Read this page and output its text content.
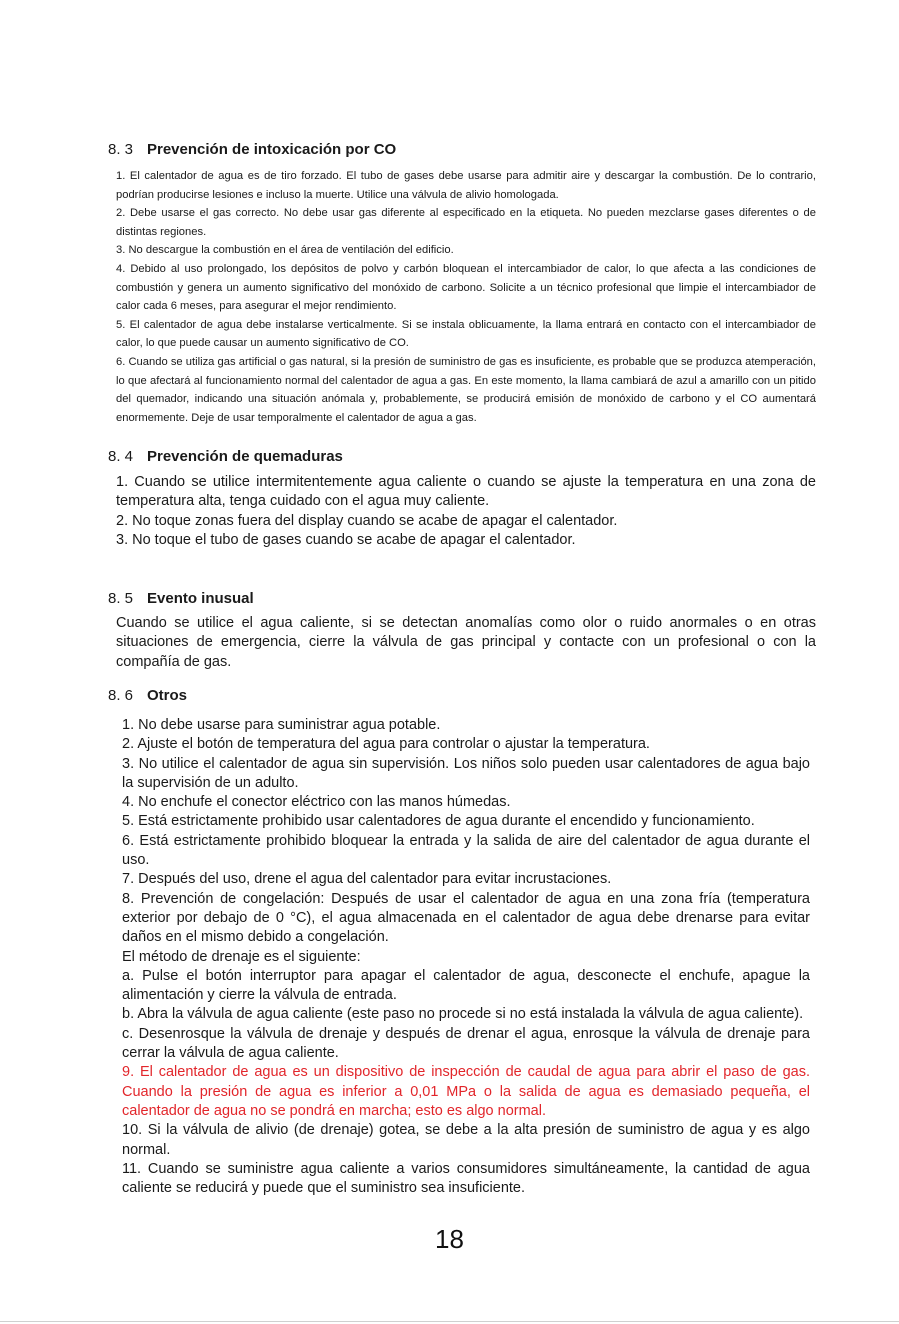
8. 3 Prevención de intoxicación por CO

1. El calentador de agua es de tiro forzado. El tubo de gases debe usarse para admitir aire y descargar la combustión. De lo contrario, podrían producirse lesiones e incluso la muerte. Utilice una válvula de alivio homologada.

2. Debe usarse el gas correcto. No debe usar gas diferente al especificado en la etiqueta. No pueden mezclarse gases diferentes o de distintas regiones.

3. No descargue la combustión en el área de ventilación del edificio.

4. Debido al uso prolongado, los depósitos de polvo y carbón bloquean el intercambiador de calor, lo que afecta a las condiciones de combustión y genera un aumento significativo del monóxido de carbono. Solicite a un técnico profesional que limpie el intercambiador de calor cada 6 meses, para asegurar el mejor rendimiento.

5. El calentador de agua debe instalarse verticalmente. Si se instala oblicuamente, la llama entrará en contacto con el intercambiador de calor, lo que puede causar un aumento significativo de CO.

6. Cuando se utiliza gas artificial o gas natural, si la presión de suministro de gas es insuficiente, es probable que se produzca atemperación, lo que afectará al funcionamiento normal del calentador de agua a gas. En este momento, la llama cambiará de azul a amarillo con un pitido del quemador, indicando una situación anómala y, probablemente, se producirá emisión de monóxido de carbono y el CO aumentará enormemente. Deje de usar temporalmente el calentador de agua a gas.

8. 4 Prevención de quemaduras

1. Cuando se utilice intermitentemente agua caliente o cuando se ajuste la temperatura en una zona de temperatura alta, tenga cuidado con el agua muy caliente.

2. No toque zonas fuera del display cuando se acabe de apagar el calentador.

3. No toque el tubo de gases cuando se acabe de apagar el calentador.

8. 5 Evento inusual

Cuando se utilice el agua caliente, si se detectan anomalías como olor o ruido anormales o en otras situaciones de emergencia, cierre la válvula de gas principal y contacte con un profesional o con la compañía de gas.

8. 6 Otros

1. No debe usarse para suministrar agua potable.

2. Ajuste el botón de temperatura del agua para controlar o ajustar la temperatura.

3. No utilice el calentador de agua sin supervisión. Los niños solo pueden usar calentadores de agua bajo la supervisión de un adulto.

4. No enchufe el conector eléctrico con las manos húmedas.

5. Está estrictamente prohibido usar calentadores de agua durante el encendido y funcionamiento.

6. Está estrictamente prohibido bloquear la entrada y la salida de aire del calentador de agua durante el uso.

7. Después del uso, drene el agua del calentador para evitar incrustaciones.

8. Prevención de congelación: Después de usar el calentador de agua en una zona fría (temperatura exterior por debajo de 0 °C), el agua almacenada en el calentador de agua debe drenarse para evitar daños en el mismo debido a congelación.

El método de drenaje es el siguiente:

a. Pulse el botón interruptor para apagar el calentador de agua, desconecte el enchufe, apague la alimentación y cierre la válvula de entrada.

b. Abra la válvula de agua caliente (este paso no procede si no está instalada la válvula de agua caliente).

c. Desenrosque la válvula de drenaje y después de drenar el agua, enrosque la válvula de drenaje para cerrar la válvula de agua caliente.

9. El calentador de agua es un dispositivo de inspección de caudal de agua para abrir el paso de gas. Cuando la presión de agua es inferior a 0,01 MPa o la salida de agua es demasiado pequeña, el calentador de agua no se pondrá en marcha; esto es algo normal.

10. Si la válvula de alivio (de drenaje) gotea, se debe a la alta presión de suministro de agua y es algo normal.

11. Cuando se suministre agua caliente a varios consumidores simultáneamente, la cantidad de agua caliente se reducirá y puede que el suministro sea insuficiente.

18
